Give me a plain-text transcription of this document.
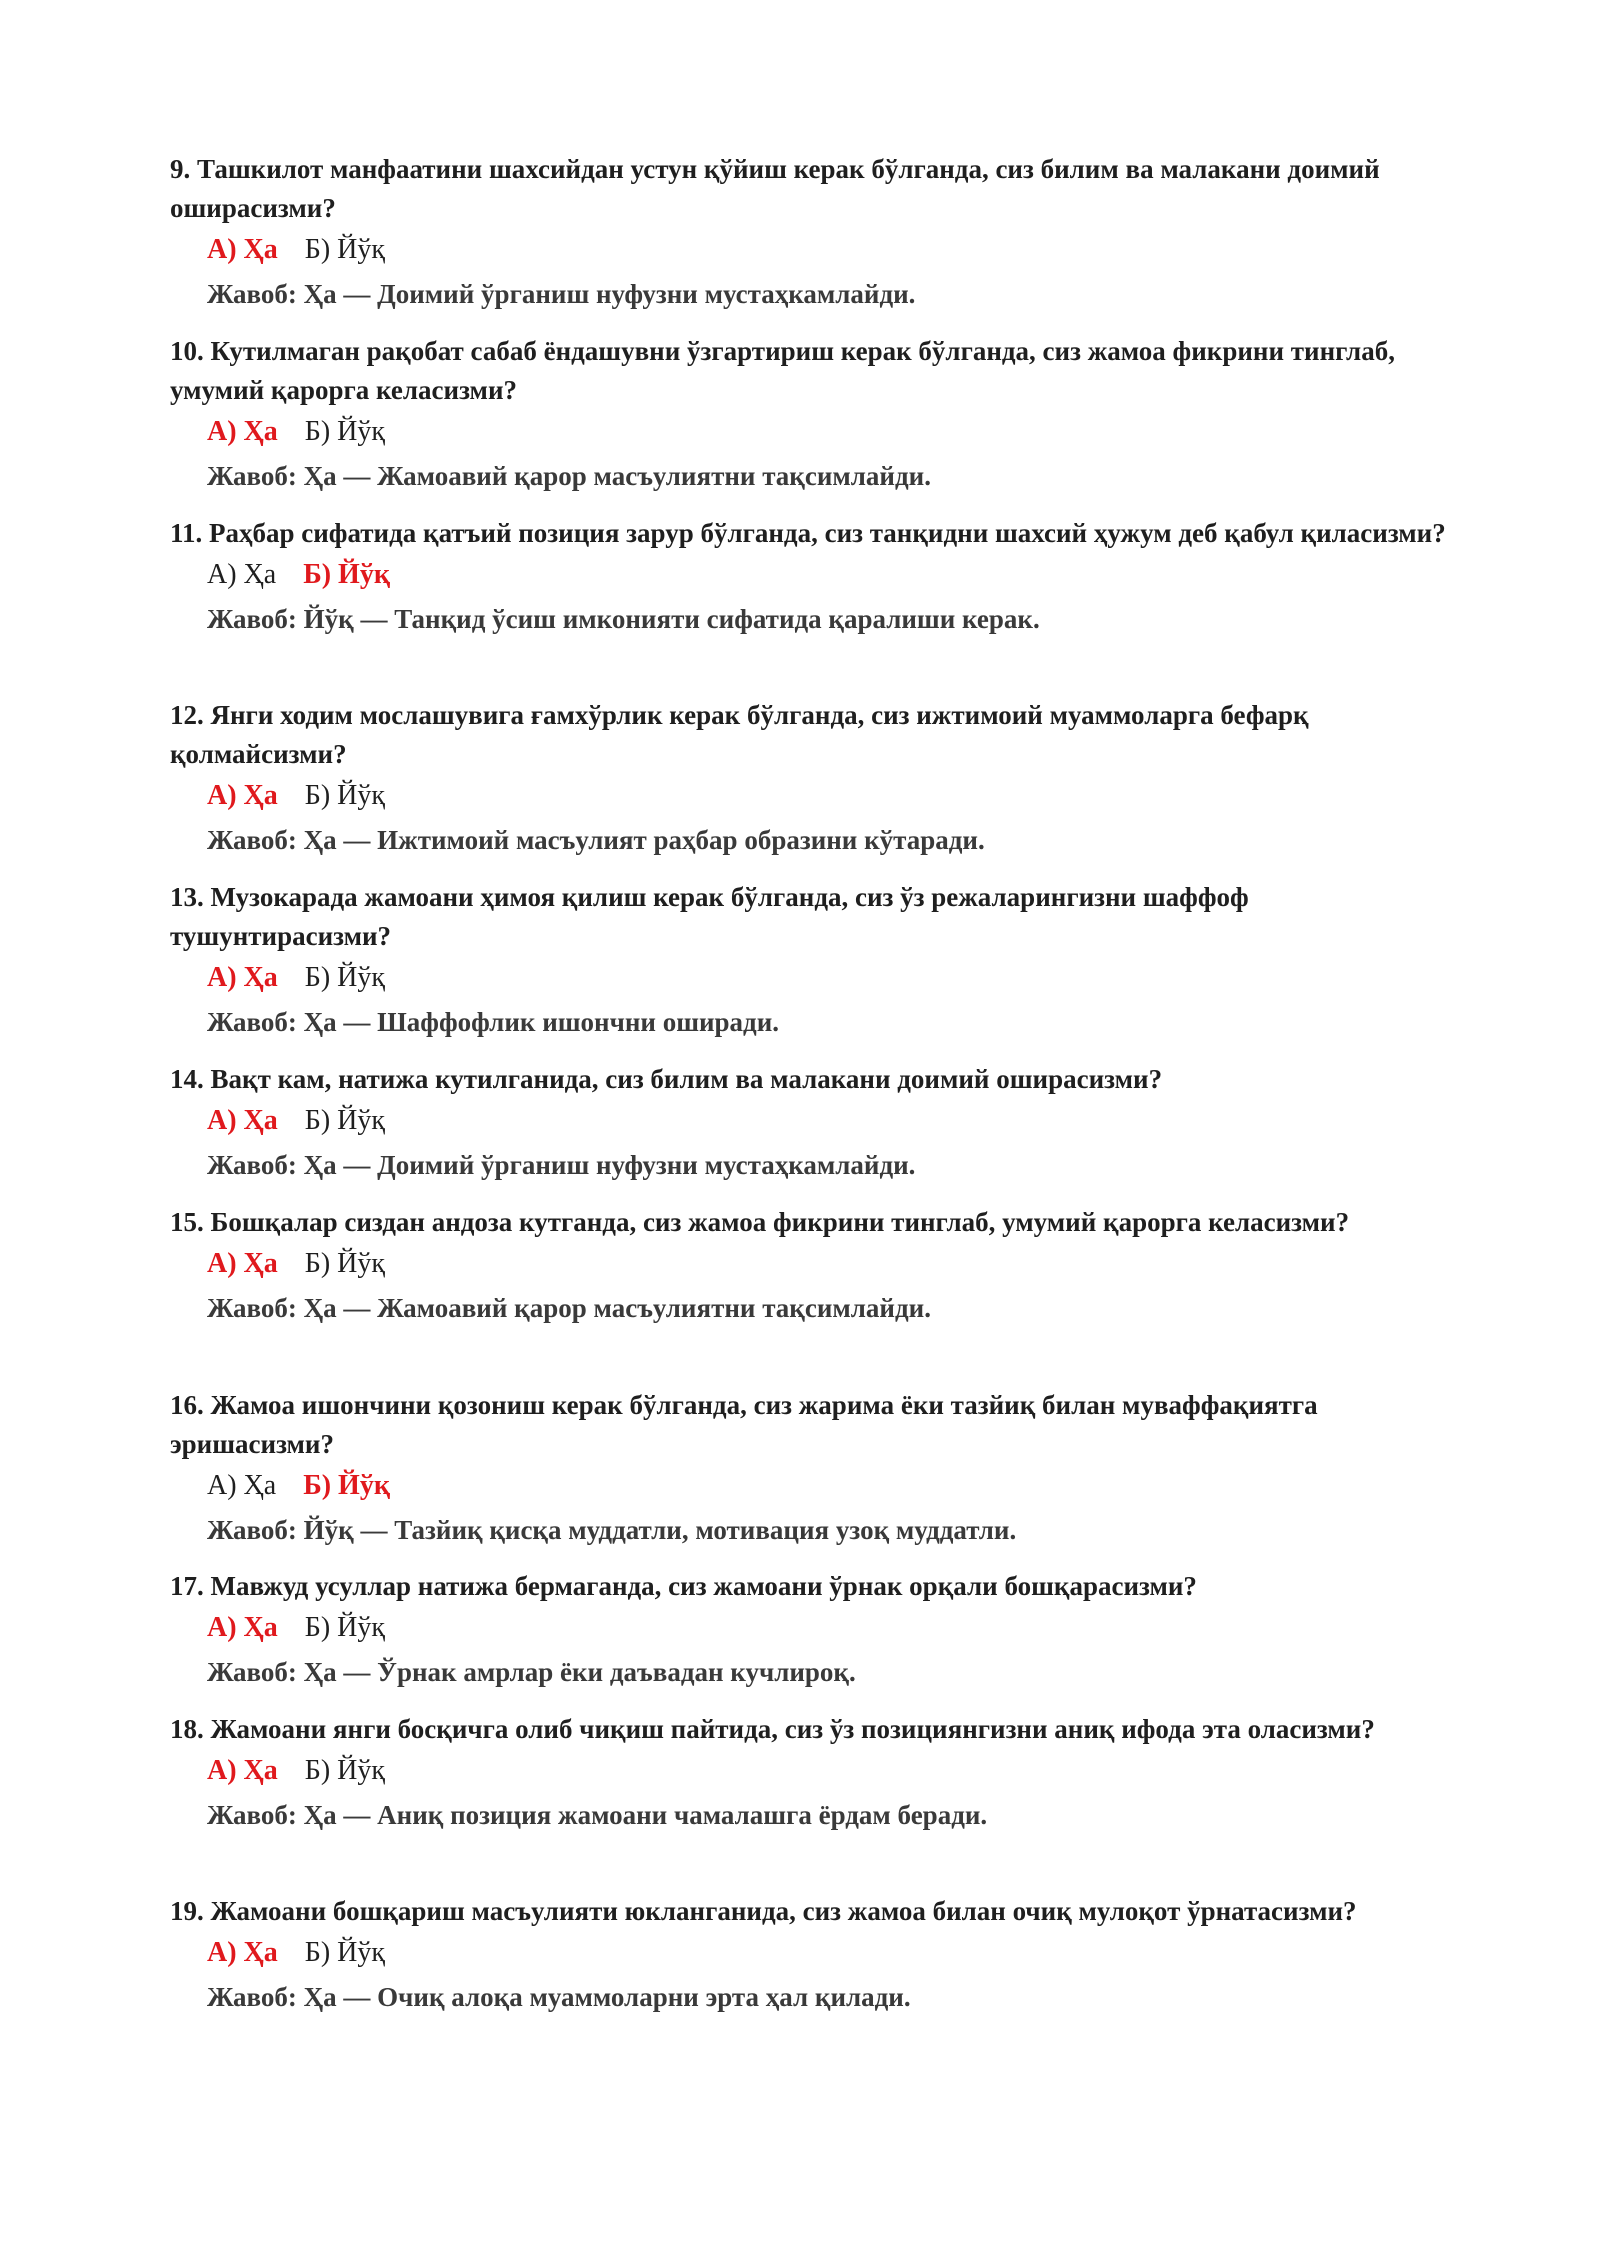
9. Ташкилот манфаатини шахсийдан устун қўйиш керак бўлганда, сиз билим ва малакани доимий оширасизми?

А) Ҳа Б) Йўқ
Жавоб: Ҳа — Доимий ўрганиш нуфузни мустаҳкамлайди.

10. Кутилмаган рақобат сабаб ёндашувни ўзгартириш керак бўлганда, сиз жамоа фикрини тинглаб, умумий қарорга келасизми?

А) Ҳа Б) Йўқ
Жавоб: Ҳа — Жамоавий қарор масъулиятни тақсимлайди.

11. Раҳбар сифатида қатъий позиция зарур бўлганда, сиз танқидни шахсий ҳужум деб қабул қиласизми?

А) Ҳа Б) Йўқ
Жавоб: Йўқ — Танқид ўсиш имконияти сифатида қаралиши керак.

12. Янги ходим мослашувига ғамхўрлик керак бўлганда, сиз ижтимоий муаммоларга бефарқ қолмайсизми?

А) Ҳа Б) Йўқ
Жавоб: Ҳа — Ижтимоий масъулият раҳбар образини кўтаради.

13. Музокарада жамоани ҳимоя қилиш керак бўлганда, сиз ўз режаларингизни шаффоф тушунтирасизми?

А) Ҳа Б) Йўқ
Жавоб: Ҳа — Шаффофлик ишончни оширади.

14. Вақт кам, натижа кутилганида, сиз билим ва малакани доимий оширасизми?

А) Ҳа Б) Йўқ
Жавоб: Ҳа — Доимий ўрганиш нуфузни мустаҳкамлайди.

15. Бошқалар сиздан андоза кутганда, сиз жамоа фикрини тинглаб, умумий қарорга келасизми?

А) Ҳа Б) Йўқ
Жавоб: Ҳа — Жамоавий қарор масъулиятни тақсимлайди.

16. Жамоа ишончини қозониш керак бўлганда, сиз жарима ёки тазйиқ билан муваффақиятга эришасизми?

А) Ҳа Б) Йўқ
Жавоб: Йўқ — Тазйиқ қисқа муддатли, мотивация узоқ муддатли.

17. Мавжуд усуллар натижа бермаганда, сиз жамоани ўрнак орқали бошқарасизми?

А) Ҳа Б) Йўқ
Жавоб: Ҳа — Ўрнак амрлар ёки даъвадан кучлироқ.

18. Жамоани янги босқичга олиб чиқиш пайтида, сиз ўз позициянгизни аниқ ифода эта оласизми?

А) Ҳа Б) Йўқ
Жавоб: Ҳа — Аниқ позиция жамоани чамалашга ёрдам беради.

19. Жамоани бошқариш масъулияти юкланганида, сиз жамоа билан очиқ мулоқот ўрнатасизми?

А) Ҳа Б) Йўқ
Жавоб: Ҳа — Очиқ алоқа муаммоларни эрта ҳал қилади.
